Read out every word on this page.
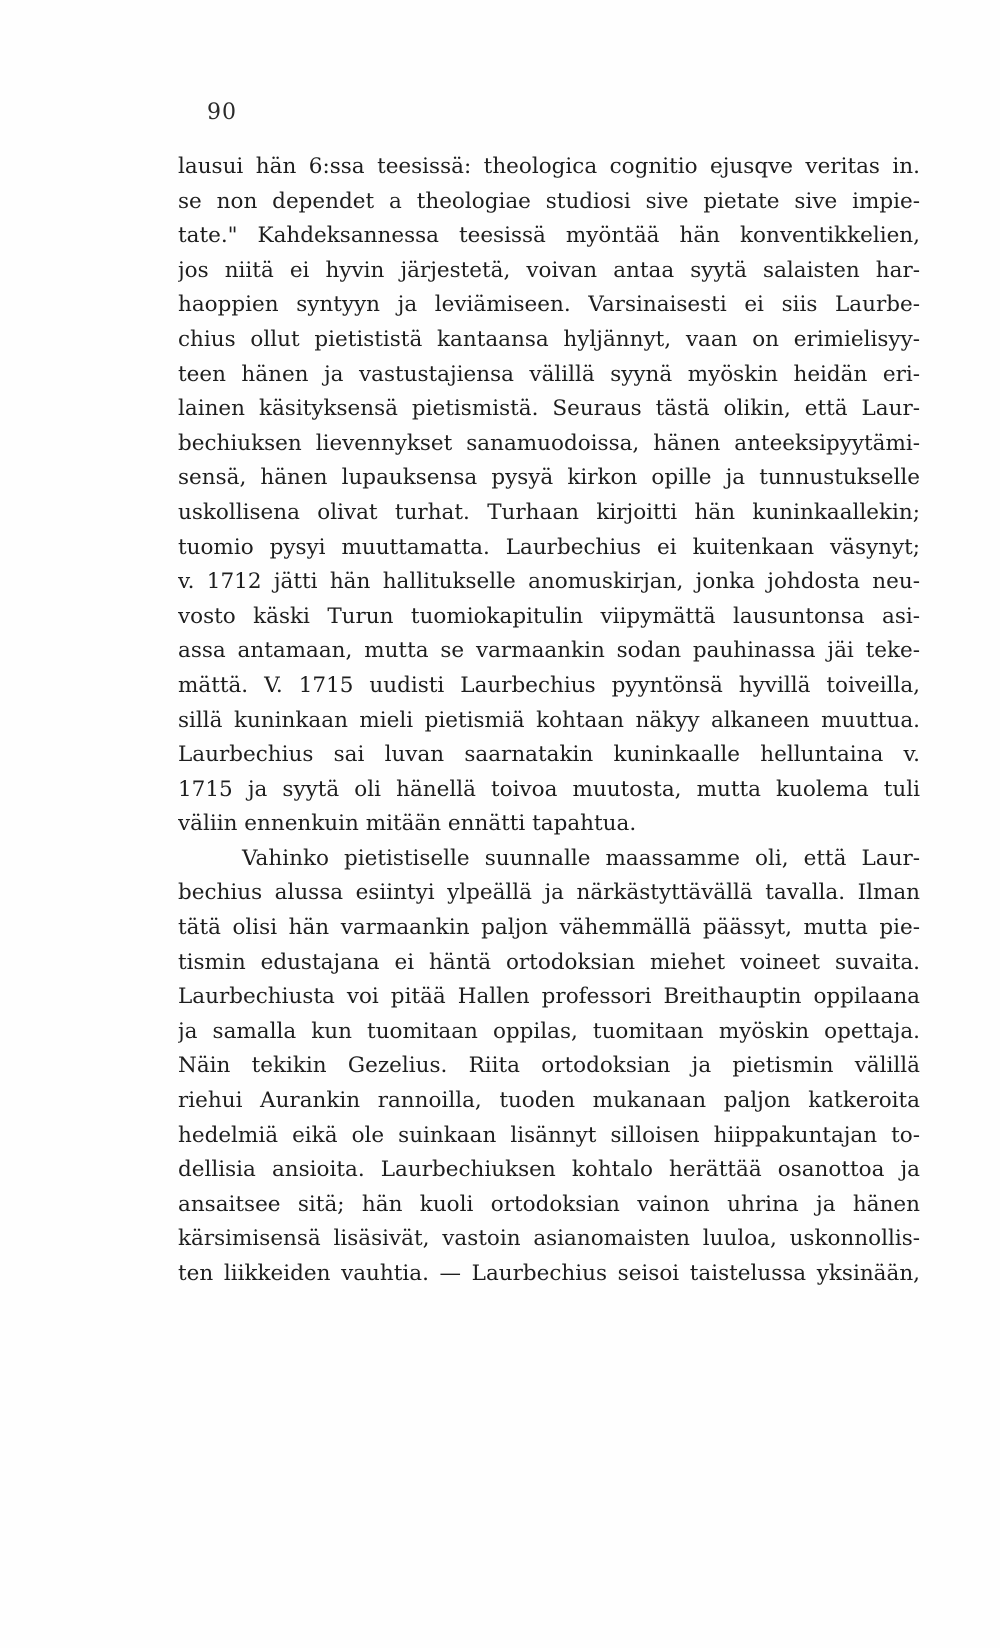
90
lausui hän 6:ssa teesissä: theologica cognitio ejusqve veritas in.
se non dependet a theologiae studiosi sive pietate sive impie-
tate." Kahdeksannessa teesissä myöntää hän konventikkelien,
jos niitä ei hyvin järjestetä, voivan antaa syytä salaisten har-
haoppien syntyyn ja leviämiseen. Varsinaisesti ei siis Laurbe-
chius ollut pietististä kantaansa hyljännyt, vaan on erimielisyy-
teen hänen ja vastustajiensa välillä syynä myöskin heidän eri-
lainen käsityksensä pietismistä. Seuraus tästä olikin, että Laur-
bechiuksen lievennykset sanamuodoissa, hänen anteeksipyytämi-
sensä, hänen lupauksensa pysyä kirkon opille ja tunnustukselle
uskollisena olivat turhat. Turhaan kirjoitti hän kuninkaallekin;
tuomio pysyi muuttamatta. Laurbechius ei kuitenkaan väsynyt;
v. 1712 jätti hän hallitukselle anomuskirjan, jonka johdosta neu-
vosto käski Turun tuomiokapitulin viipymättä lausuntonsa asi-
assa antamaan, mutta se varmaankin sodan pauhinassa jäi teke-
mättä. V. 1715 uudisti Laurbechius pyyntönsä hyvillä toiveilla,
sillä kuninkaan mieli pietismiä kohtaan näkyy alkaneen muuttua.
Laurbechius sai luvan saarnatakin kuninkaalle helluntaina v.
1715 ja syytä oli hänellä toivoa muutosta, mutta kuolema tuli
väliin ennenkuin mitään ennätti tapahtua.
Vahinko pietistiselle suunnalle maassamme oli, että Laur-
bechius alussa esiintyi ylpeällä ja närkästyttävällä tavalla. Ilman
tätä olisi hän varmaankin paljon vähemmällä päässyt, mutta pie-
tismin edustajana ei häntä ortodoksian miehet voineet suvaita.
Laurbechiusta voi pitää Hallen professori Breithauptin oppilaana
ja samalla kun tuomitaan oppilas, tuomitaan myöskin opettaja.
Näin tekikin Gezelius. Riita ortodoksian ja pietismin välillä
riehui Aurankin rannoilla, tuoden mukanaan paljon katkeroita
hedelmiä eikä ole suinkaan lisännyt silloisen hiippakuntajan to-
dellisia ansioita. Laurbechiuksen kohtalo herättää osanottoa ja
ansaitsee sitä; hän kuoli ortodoksian vainon uhrina ja hänen
kärsimisensä lisäsivät, vastoin asianomaisten luuloa, uskonnollis-
ten liikkeiden vauhtia. — Laurbechius seisoi taistelussa yksinään,
